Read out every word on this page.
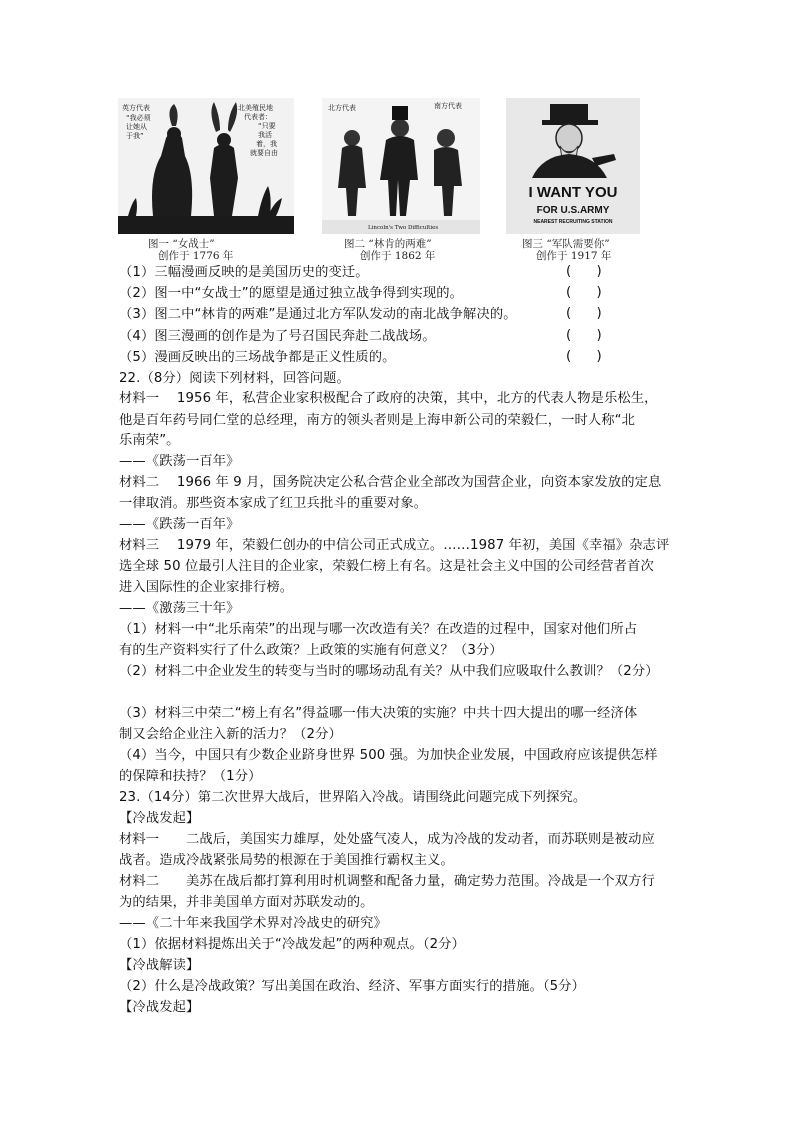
英方代表
“我必须
让她从
于我”
北美殖民地
代表者：
“只要
我活
着，我
就要自由
图一 “女战士”
创作于 1776 年
北方代表	南方代表
Lincoln's Two Difficulties
图二 “林肯的两难”
创作于 1862 年
I WANT YOU
FOR U.S.ARMY
NEAREST RECRUITING STATION
图三 “军队需要你”
创作于 1917 年
（1）三幅漫画反映的是美国历史的变迁。	(      )
（2）图一中“女战士”的愿望是通过独立战争得到实现的。	(      )
（3）图二中“林肯的两难”是通过北方军队发动的南北战争解决的。	(      )
（4）图三漫画的创作是为了号召国民奔赴二战战场。	(      )
（5）漫画反映出的三场战争都是正义性质的。	(      )
22.（8分）阅读下列材料，回答问题。
材料一　 1956 年，私营企业家积极配合了政府的决策，其中，北方的代表人物是乐松生，
他是百年药号同仁堂的总经理，南方的领头者则是上海申新公司的荣毅仁，一时人称“北
乐南荣”。
——《跌荡一百年》
材料二　 1966 年 9 月，国务院决定公私合营企业全部改为国营企业，向资本家发放的定息
一律取消。那些资本家成了红卫兵批斗的重要对象。
——《跌荡一百年》
材料三　 1979 年，荣毅仁创办的中信公司正式成立。……1987 年初，美国《幸福》杂志评
选全球 50 位最引人注目的企业家，荣毅仁榜上有名。这是社会主义中国的公司经营者首次
进入国际性的企业家排行榜。
——《激荡三十年》
（1）材料一中“北乐南荣”的出现与哪一次改造有关？在改造的过程中，国家对他们所占
有的生产资料实行了什么政策？上政策的实施有何意义？（3分）
（2）材料二中企业发生的转变与当时的哪场动乱有关？从中我们应吸取什么教训？（2分）
（3）材料三中荣二“榜上有名”得益哪一伟大决策的实施？中共十四大提出的哪一经济体
制又会给企业注入新的活力？（2分）
（4）当今，中国只有少数企业跻身世界 500 强。为加快企业发展，中国政府应该提供怎样
的保障和扶持？（1分）
23.（14分）第二次世界大战后，世界陷入冷战。请围绕此问题完成下列探究。
【冷战发起】
材料一　　二战后，美国实力雄厚，处处盛气凌人，成为冷战的发动者，而苏联则是被动应
战者。造成冷战紧张局势的根源在于美国推行霸权主义。
材料二　　美苏在战后都打算利用时机调整和配备力量，确定势力范围。冷战是一个双方行
为的结果，并非美国单方面对苏联发动的。
——《二十年来我国学术界对冷战史的研究》
（1）依据材料提炼出关于“冷战发起”的两种观点。（2分）
【冷战解读】
（2）什么是冷战政策？写出美国在政治、经济、军事方面实行的措施。（5分）
【冷战发起】
